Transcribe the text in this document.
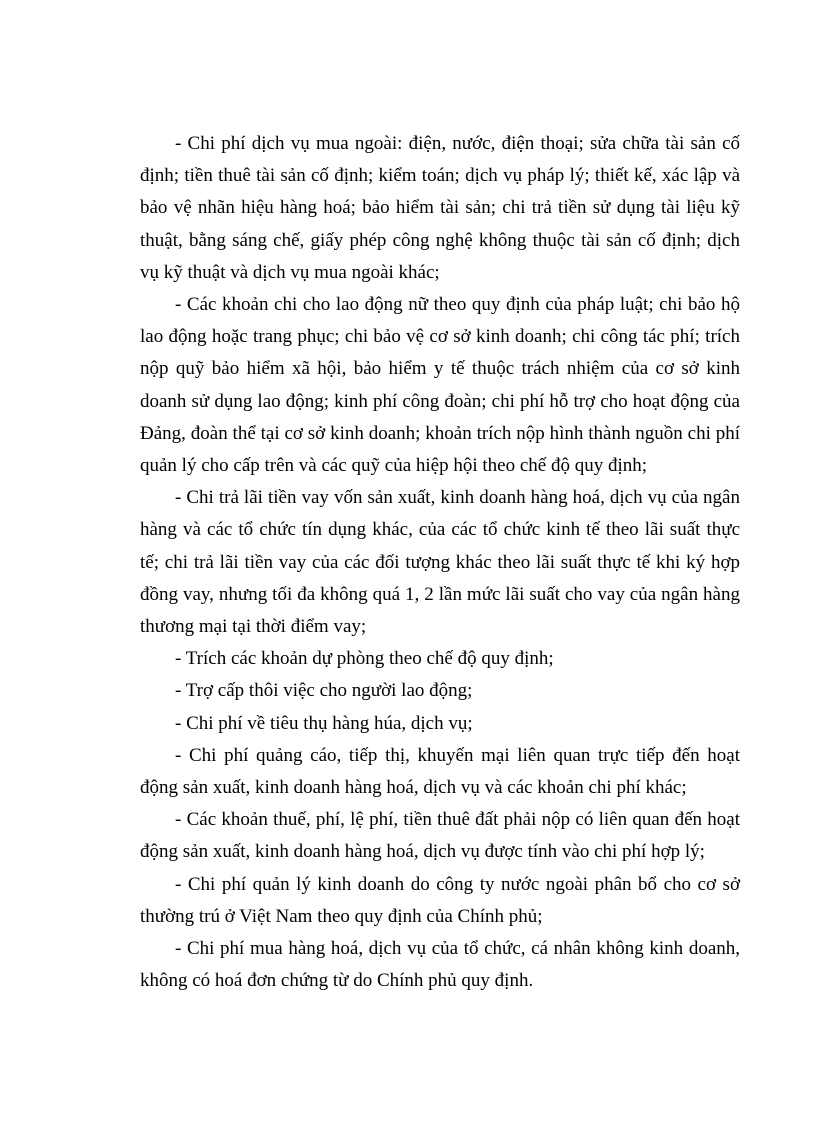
- Chi phí dịch vụ mua ngoài: điện, nước, điện thoại; sửa chữa tài sản cố định; tiền thuê tài sản cố định; kiểm toán; dịch vụ pháp lý; thiết kế, xác lập và bảo vệ nhãn hiệu hàng hoá; bảo hiểm tài sản; chi trả tiền sử dụng tài liệu kỹ thuật, bằng sáng chế, giấy phép công nghệ không thuộc tài sản cố định; dịch vụ kỹ thuật và dịch vụ mua ngoài khác;

- Các khoản chi cho lao động nữ theo quy định của pháp luật; chi bảo hộ lao động hoặc trang phục; chi bảo vệ cơ sở kinh doanh; chi công tác phí; trích nộp quỹ bảo hiểm xã hội, bảo hiểm y tế thuộc trách nhiệm của cơ sở kinh doanh sử dụng lao động; kinh phí công đoàn; chi phí hỗ trợ cho hoạt động của Đảng, đoàn thể tại cơ sở kinh doanh; khoản trích nộp hình thành nguồn chi phí quản lý cho cấp trên và các quỹ của hiệp hội theo chế độ quy định;

- Chi trả lãi tiền vay vốn sản xuất, kinh doanh hàng hoá, dịch vụ của ngân hàng và các tổ chức tín dụng khác, của các tổ chức kinh tế theo lãi suất thực tế; chi trả lãi tiền vay của các đối tượng khác theo lãi suất thực tế khi ký hợp đồng vay, nhưng tối đa không quá 1, 2 lần mức lãi suất cho vay của ngân hàng thương mại tại thời điểm vay;

- Trích các khoản dự phòng theo chế độ quy định;

- Trợ cấp thôi việc cho người lao động;

- Chi phí về tiêu thụ hàng húa, dịch vụ;

- Chi phí quảng cáo, tiếp thị, khuyến mại liên quan trực tiếp đến hoạt động sản xuất, kinh doanh hàng hoá, dịch vụ và các khoản chi phí khác;

- Các khoản thuế, phí, lệ phí, tiền thuê đất phải nộp có liên quan đến hoạt động sản xuất, kinh doanh hàng hoá, dịch vụ được tính vào chi phí hợp lý;

- Chi phí quản lý kinh doanh do công ty nước ngoài phân bổ cho cơ sở thường trú ở Việt Nam theo quy định của Chính phủ;

- Chi phí mua hàng hoá, dịch vụ của tổ chức, cá nhân không kinh doanh, không có hoá đơn chứng từ do Chính phủ quy định.
